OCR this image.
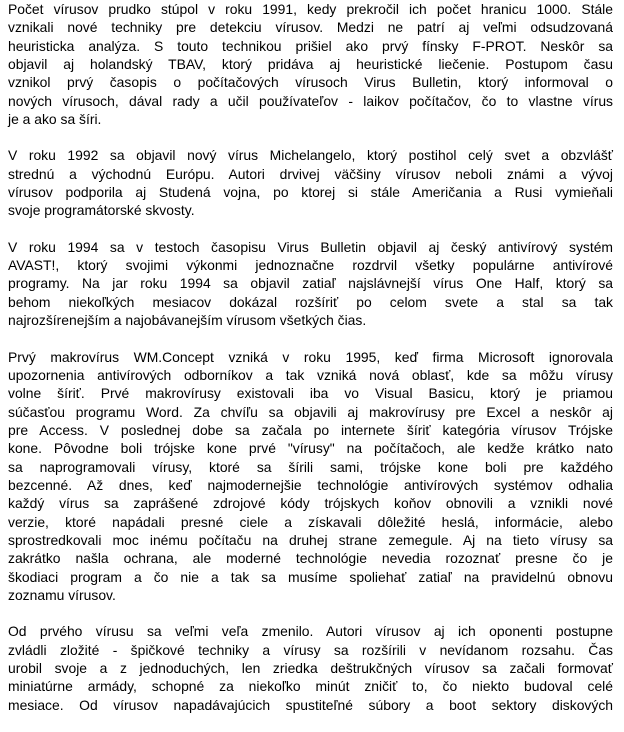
Počet vírusov prudko stúpol v roku 1991, kedy prekročil ich počet hranicu 1000. Stále
vznikali nové techniky pre detekciu vírusov. Medzi ne patrí aj veľmi odsudzovaná
heuristicka analýza. S touto technikou prišiel ako prvý fínsky F-PROT. Neskôr sa
objavil aj holandský TBAV, ktorý pridáva aj heuristické liečenie. Postupom času
vznikol prvý časopis o počítačových vírusoch Virus Bulletin, ktorý informoval o
nových vírusoch, dával rady a učil používateľov - laikov počítačov, čo to vlastne vírus
je a ako sa šíri.

V roku 1992 sa objavil nový vírus Michelangelo, ktorý postihol celý svet a obzvlášť
strednú a východnú Európu. Autori drvivej väčšiny vírusov neboli známi a vývoj
vírusov podporila aj Studená vojna, po ktorej si stále Američania a Rusi vymieňali
svoje programátorské skvosty.

V roku 1994 sa v testoch časopisu Virus Bulletin objavil aj český antivírový systém
AVAST!, ktorý svojimi výkonmi jednoznačne rozdrvil všetky populárne antivírové
programy. Na jar roku 1994 sa objavil zatiaľ najslávnejší vírus One Half, ktorý sa
behom niekoľkých mesiacov dokázal rozšíriť po celom svete a stal sa tak
najrozšírenejším a najobávanejším vírusom všetkých čias.

Prvý makrovírus WM.Concept vzniká v roku 1995, keď firma Microsoft ignorovala
upozornenia antivírových odborníkov a tak vzniká nová oblasť, kde sa môžu vírusy
volne šíriť. Prvé makrovírusy existovali iba vo Visual Basicu, ktorý je priamou
súčasťou programu Word. Za chvíľu sa objavili aj makrovírusy pre Excel a neskôr aj
pre Access. V poslednej dobe sa začala po internete šíriť kategória vírusov Trójske
kone. Pôvodne boli trójske kone prvé "vírusy" na počítačoch, ale kedže krátko nato
sa naprogramovali vírusy, ktoré sa šírili sami, trójske kone boli pre každého
bezcenné. Až dnes, keď najmodernejšie technológie antivírových systémov odhalia
každý vírus sa zaprášené zdrojové kódy trójskych koňov obnovili a vznikli nové
verzie, ktoré napádali presné ciele a získavali dôležité heslá, informácie, alebo
sprostredkovali moc inému počítaču na druhej strane zemegule. Aj na tieto vírusy sa
zakrátko našla ochrana, ale moderné technológie nevedia rozoznať presne čo je
škodiaci program a čo nie a tak sa musíme spoliehať zatiaľ na pravidelnú obnovu
zoznamu vírusov.

Od prvého vírusu sa veľmi veľa zmenilo. Autori vírusov aj ich oponenti postupne
zvládli zložité - špičkové techniky a vírusy sa rozšírili v nevídanom rozsahu. Čas
urobil svoje a z jednoduchých, len zriedka deštrukčných vírusov sa začali formovať
miniatúrne armády, schopné za niekoľko minút zničiť to, čo niekto budoval celé
mesiace. Od vírusov napadávajúcich spustiteľné súbory a boot sektory diskových
